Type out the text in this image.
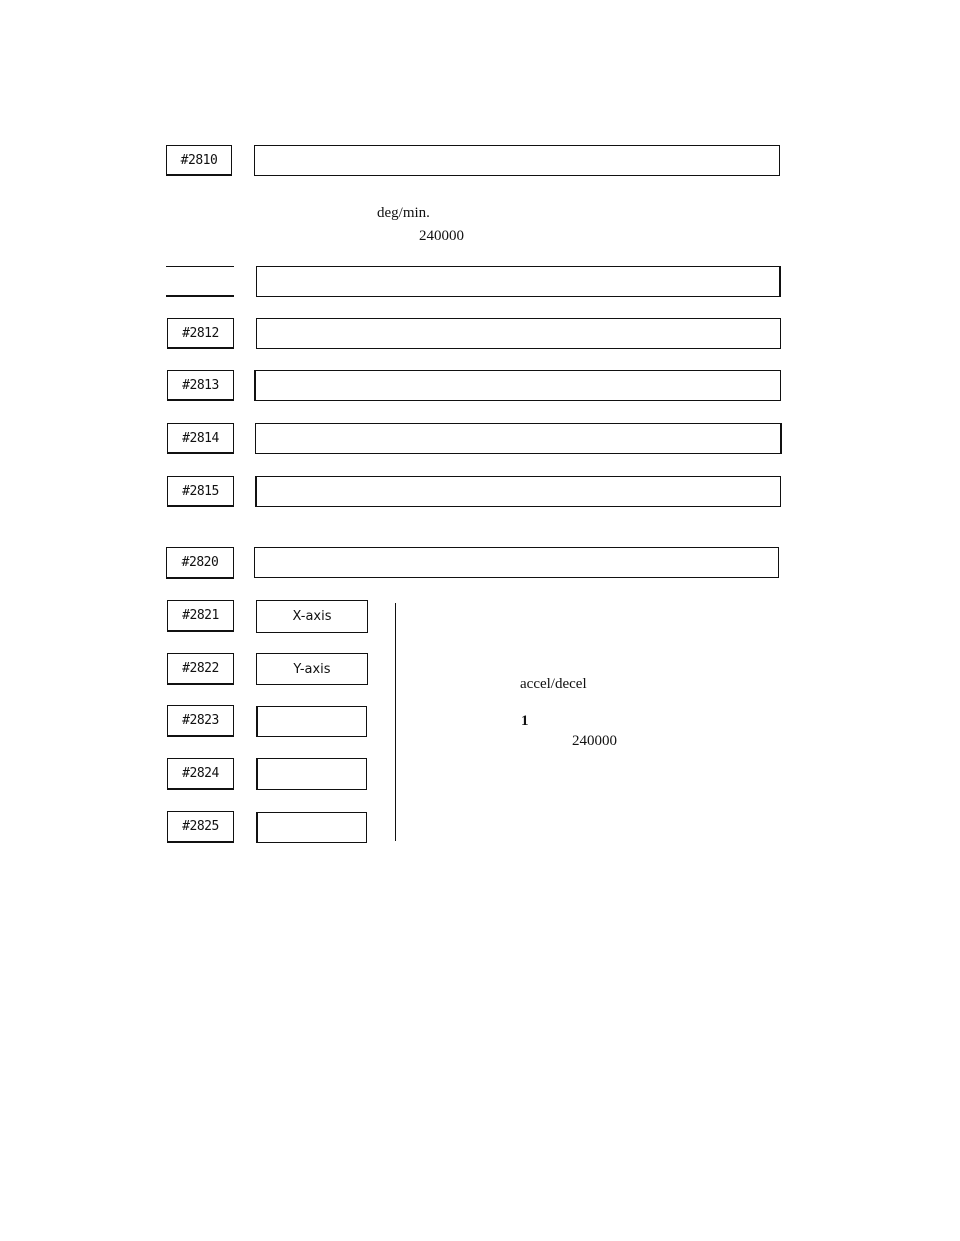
#2810
deg/min.
240000
#2812
#2813
#2814
#2815
#2820
#2821	X-axis
#2822	Y-axis
#2823
#2824
#2825
accel/decel
1
240000
